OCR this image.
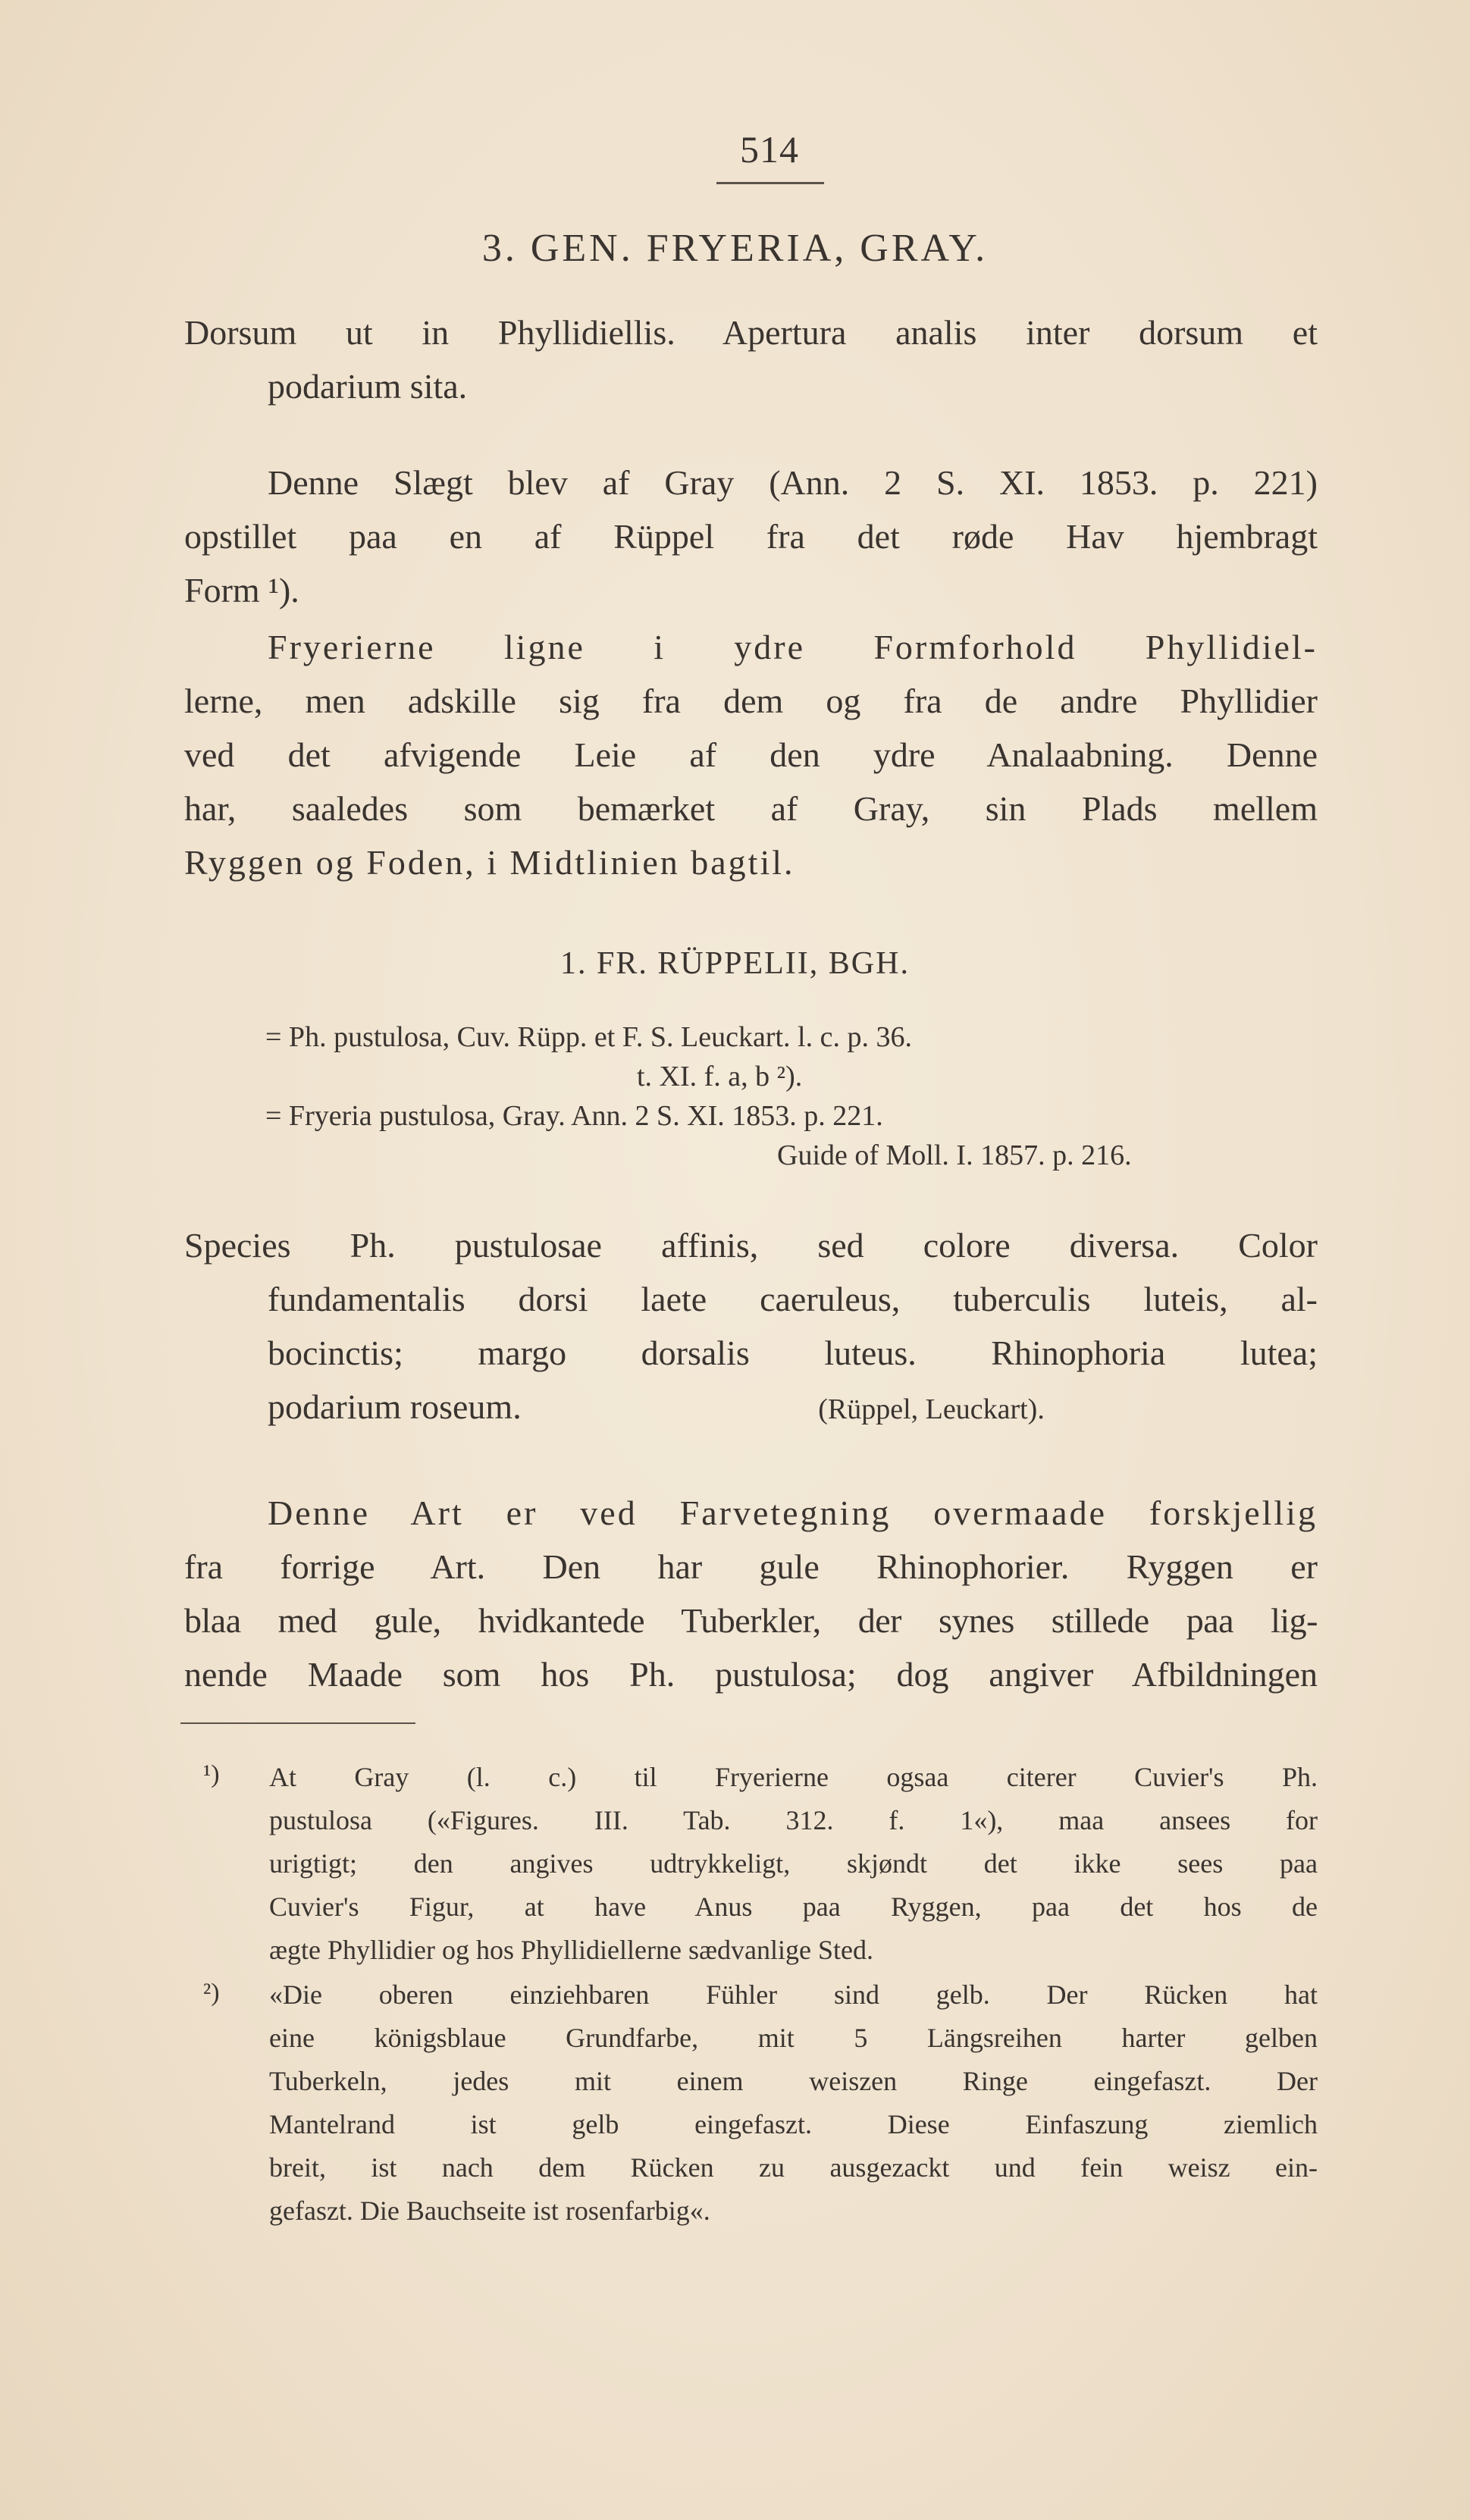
514
3. GEN. FRYERIA, GRAY.
Dorsum ut in Phyllidiellis. Apertura analis inter dorsum et
podarium sita.
Denne Slægt blev af Gray (Ann. 2 S. XI. 1853. p. 221)
opstillet paa en af Rüppel fra det røde Hav hjembragt
Form ¹).
Fryerierne ligne i ydre Formforhold Phyllidiel-
lerne, men adskille sig fra dem og fra de andre Phyllidier
ved det afvigende Leie af den ydre Analaabning. Denne
har, saaledes som bemærket af Gray, sin Plads mellem
Ryggen og Foden, i Midtlinien bagtil.
1. FR. RÜPPELII, BGH.
= Ph. pustulosa, Cuv. Rüpp. et F. S. Leuckart. l. c. p. 36.
t. XI. f. a, b ²).
= Fryeria pustulosa, Gray. Ann. 2 S. XI. 1853. p. 221.
Guide of Moll. I. 1857. p. 216.
Species Ph. pustulosae affinis, sed colore diversa. Color
fundamentalis dorsi laete caeruleus, tuberculis luteis, al-
bocinctis; margo dorsalis luteus. Rhinophoria lutea;
podarium roseum.	(Rüppel, Leuckart).
Denne Art er ved Farvetegning overmaade forskjellig
fra forrige Art. Den har gule Rhinophorier. Ryggen er
blaa med gule, hvidkantede Tuberkler, der synes stillede paa lig-
nende Maade som hos Ph. pustulosa; dog angiver Afbildningen
¹) At Gray (l. c.) til Fryerierne ogsaa citerer Cuvier's Ph.
pustulosa («Figures. III. Tab. 312. f. 1«), maa ansees for
urigtigt; den angives udtrykkeligt, skjøndt det ikke sees paa
Cuvier's Figur, at have Anus paa Ryggen, paa det hos de
ægte Phyllidier og hos Phyllidiellerne sædvanlige Sted.
²) «Die oberen einziehbaren Fühler sind gelb. Der Rücken hat
eine königsblaue Grundfarbe, mit 5 Längsreihen harter gelben
Tuberkeln, jedes mit einem weiszen Ringe eingefaszt. Der
Mantelrand ist gelb eingefaszt. Diese Einfaszung ziemlich
breit, ist nach dem Rücken zu ausgezackt und fein weisz ein-
gefaszt. Die Bauchseite ist rosenfarbig«.
